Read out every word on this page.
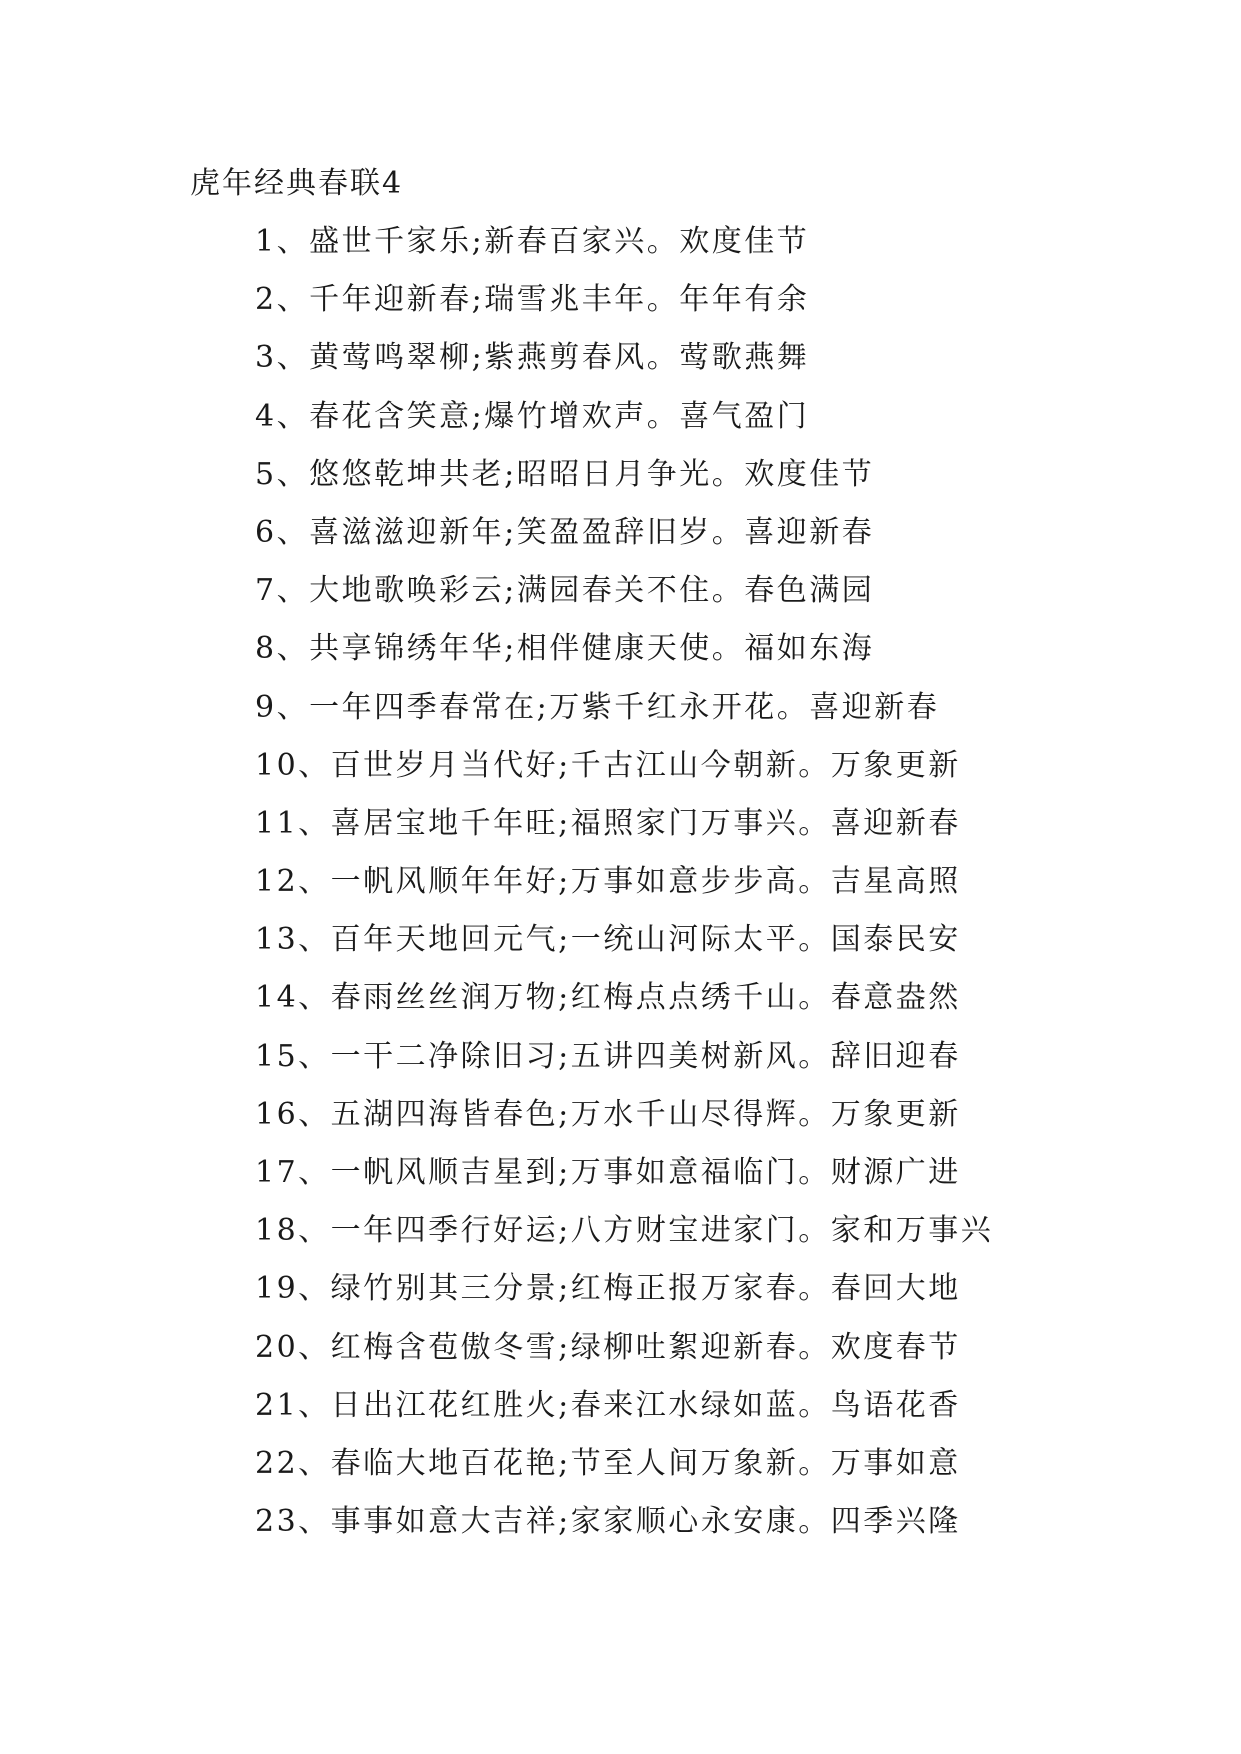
虎年经典春联4
1、盛世千家乐;新春百家兴。欢度佳节
2、千年迎新春;瑞雪兆丰年。年年有余
3、黄莺鸣翠柳;紫燕剪春风。莺歌燕舞
4、春花含笑意;爆竹增欢声。喜气盈门
5、悠悠乾坤共老;昭昭日月争光。欢度佳节
6、喜滋滋迎新年;笑盈盈辞旧岁。喜迎新春
7、大地歌唤彩云;满园春关不住。春色满园
8、共享锦绣年华;相伴健康天使。福如东海
9、一年四季春常在;万紫千红永开花。喜迎新春
10、百世岁月当代好;千古江山今朝新。万象更新
11、喜居宝地千年旺;福照家门万事兴。喜迎新春
12、一帆风顺年年好;万事如意步步高。吉星高照
13、百年天地回元气;一统山河际太平。国泰民安
14、春雨丝丝润万物;红梅点点绣千山。春意盎然
15、一干二净除旧习;五讲四美树新风。辞旧迎春
16、五湖四海皆春色;万水千山尽得辉。万象更新
17、一帆风顺吉星到;万事如意福临门。财源广进
18、一年四季行好运;八方财宝进家门。家和万事兴
19、绿竹别其三分景;红梅正报万家春。春回大地
20、红梅含苞傲冬雪;绿柳吐絮迎新春。欢度春节
21、日出江花红胜火;春来江水绿如蓝。鸟语花香
22、春临大地百花艳;节至人间万象新。万事如意
23、事事如意大吉祥;家家顺心永安康。四季兴隆
